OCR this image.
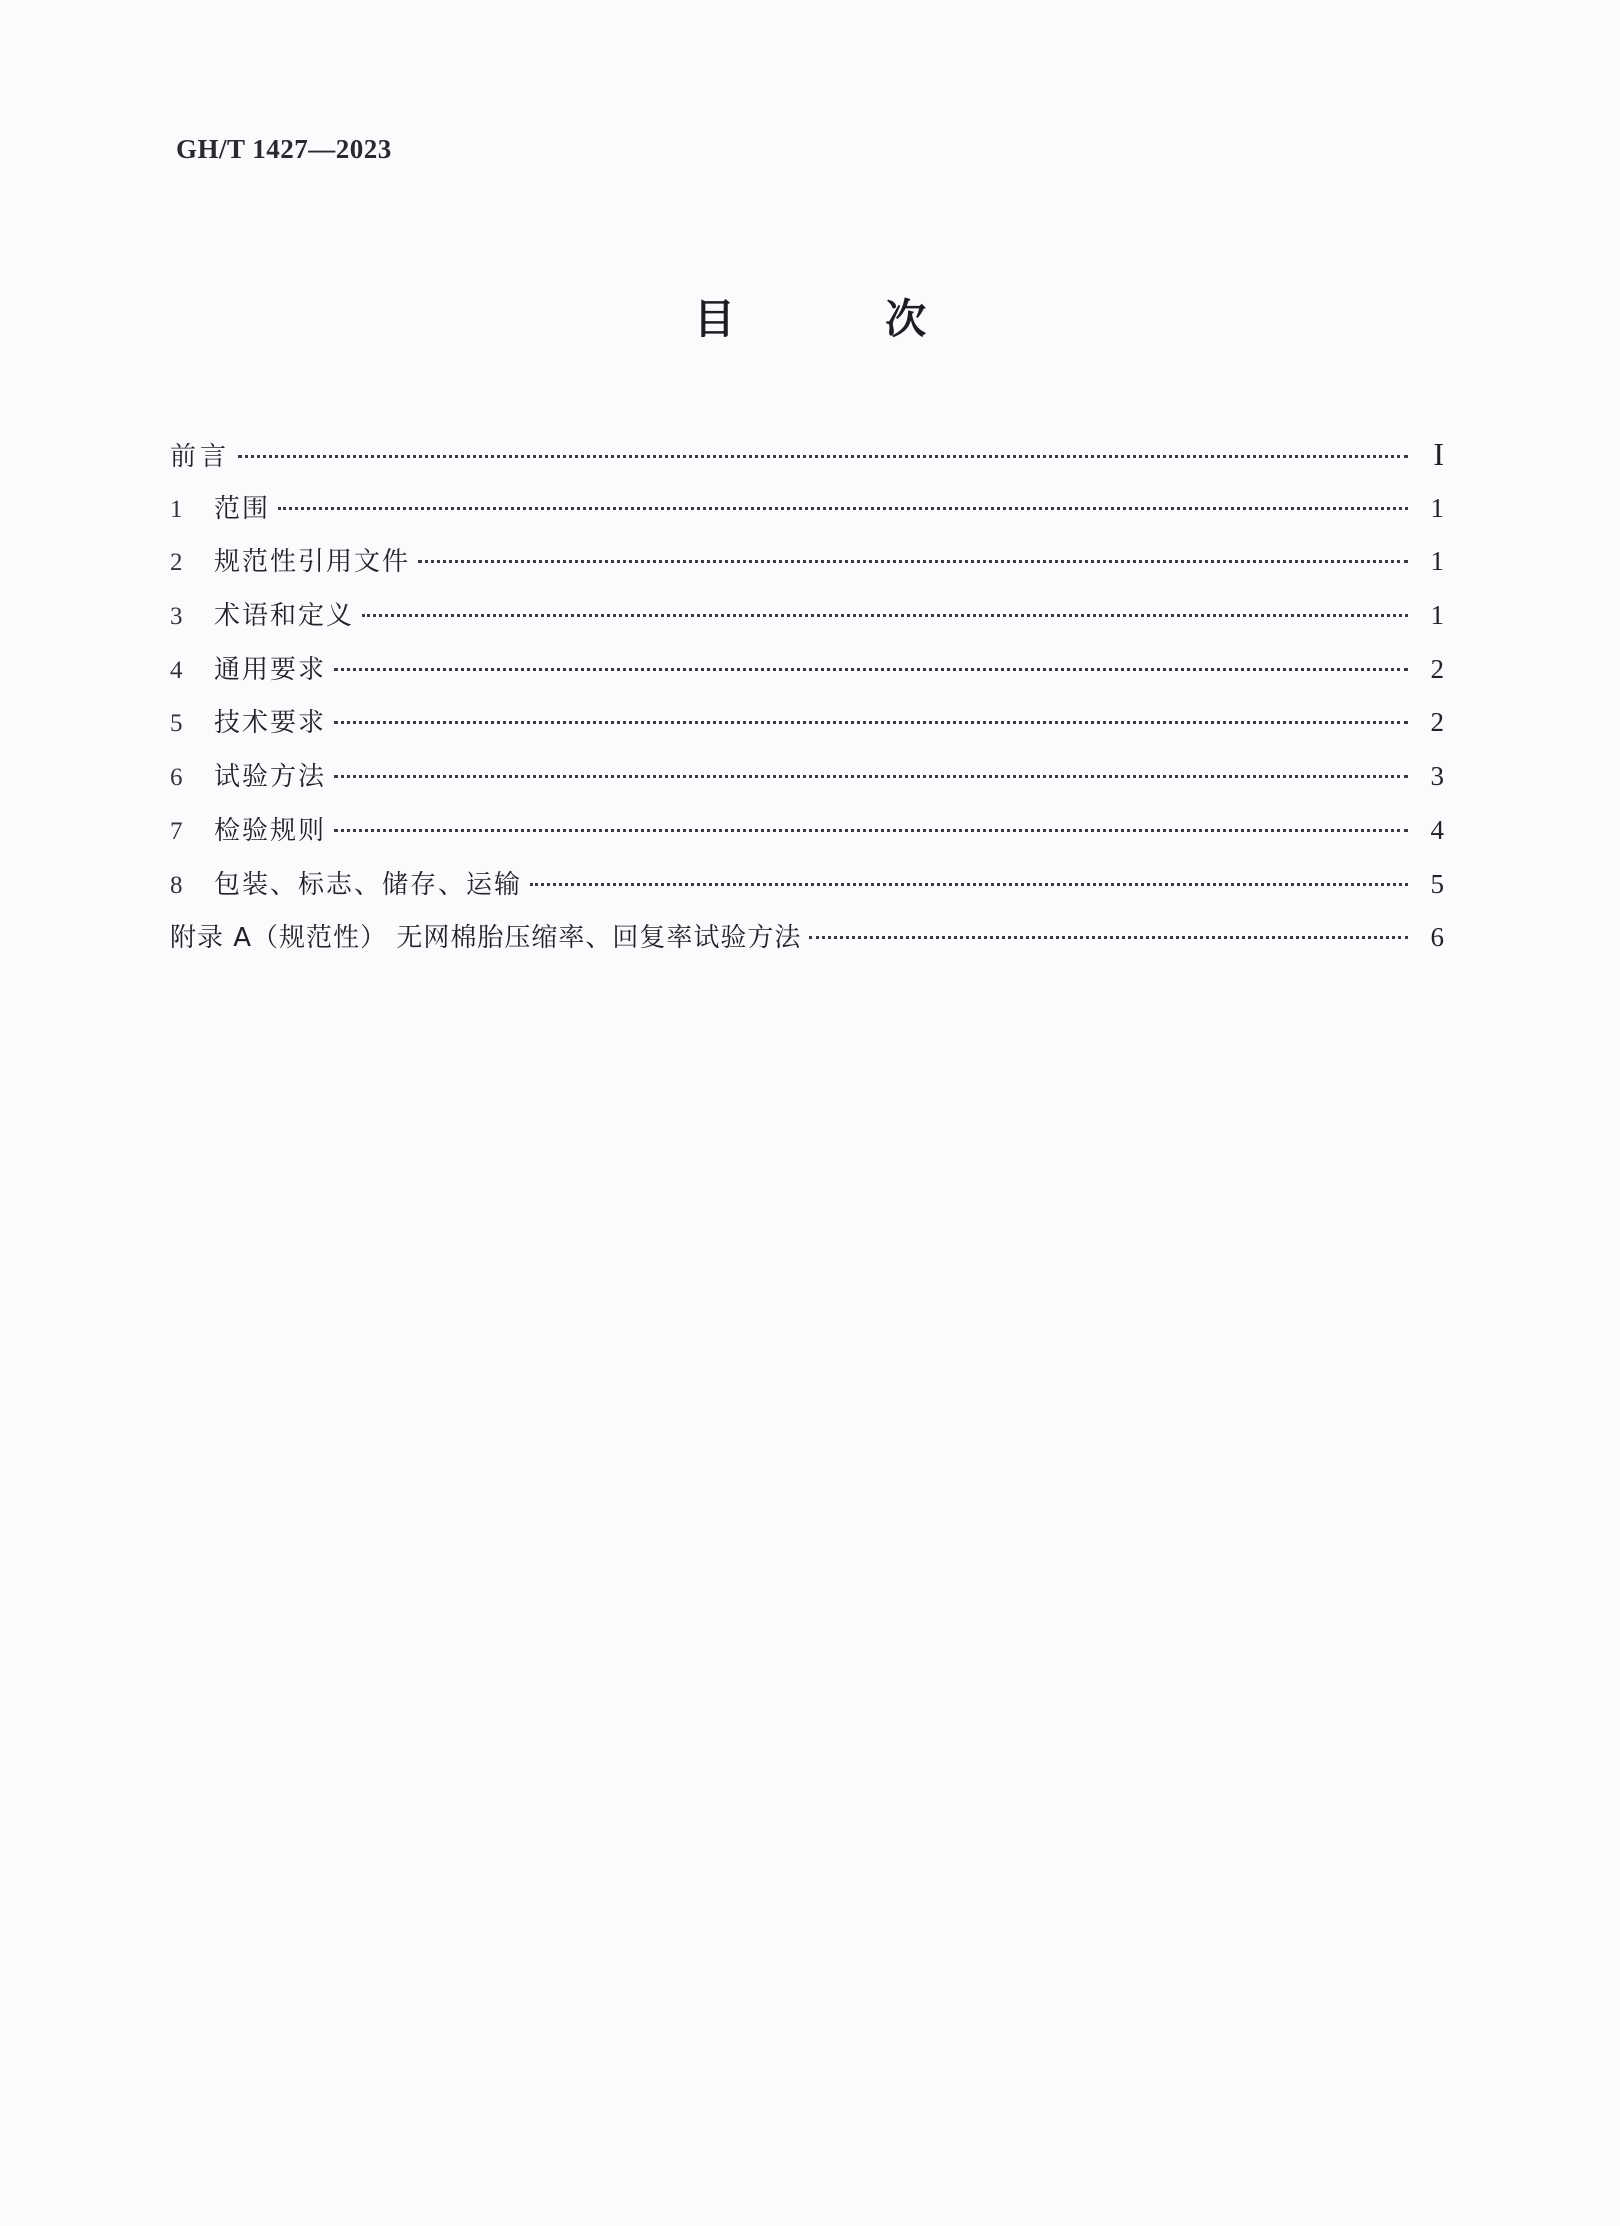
GH/T 1427—2023
目 次
前言	I
1	范围	1
2	规范性引用文件	1
3	术语和定义	1
4	通用要求	2
5	技术要求	2
6	试验方法	3
7	检验规则	4
8	包装、标志、储存、运输	5
附录 A（规范性） 无网棉胎压缩率、回复率试验方法	6
